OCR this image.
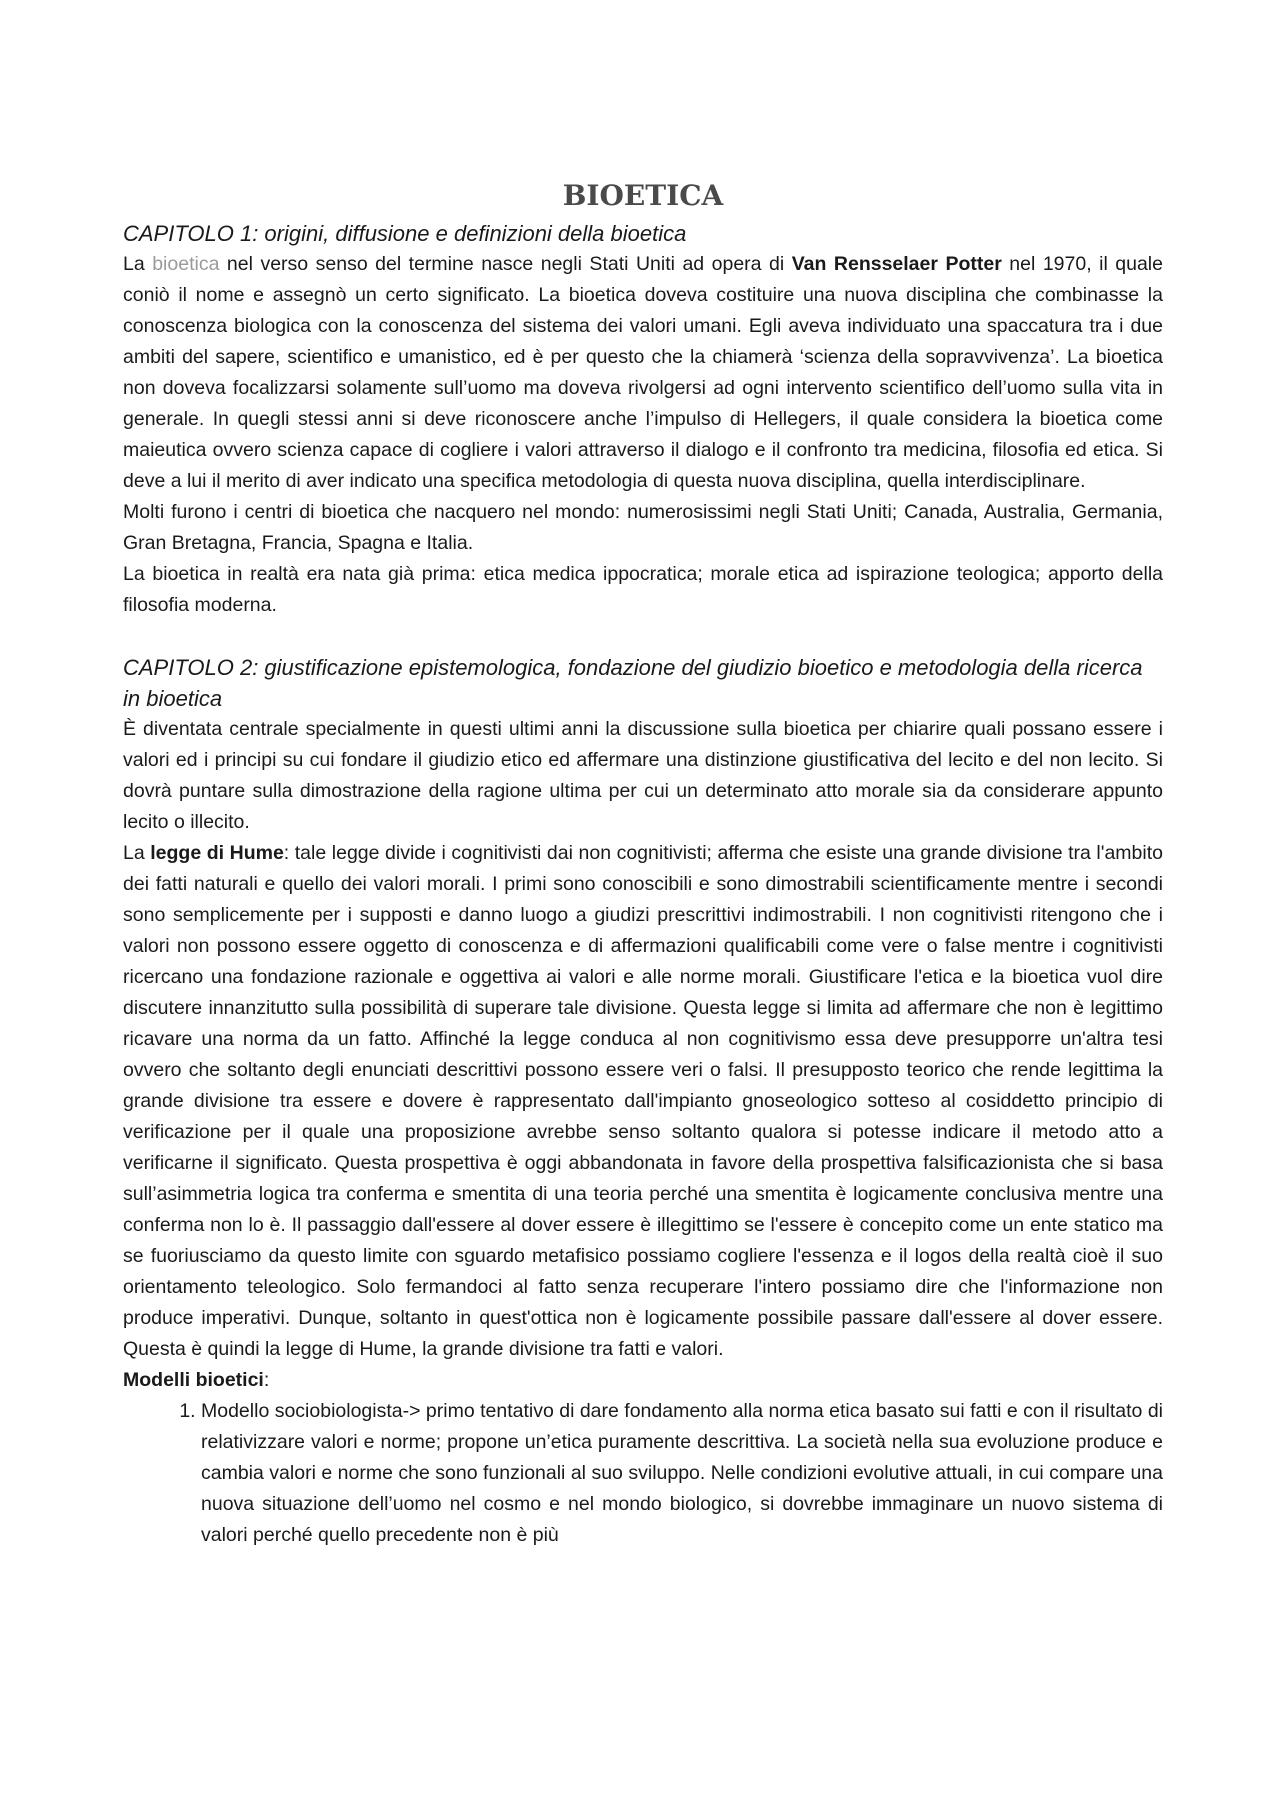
BIOETICA
CAPITOLO 1: origini, diffusione e definizioni della bioetica

La bioetica nel verso senso del termine nasce negli Stati Uniti ad opera di Van Rensselaer Potter nel 1970, il quale coniò il nome e assegnò un certo significato. La bioetica doveva costituire una nuova disciplina che combinasse la conoscenza biologica con la conoscenza del sistema dei valori umani. Egli aveva individuato una spaccatura tra i due ambiti del sapere, scientifico e umanistico, ed è per questo che la chiamerà ‘scienza della sopravvivenza’. La bioetica non doveva focalizzarsi solamente sull’uomo ma doveva rivolgersi ad ogni intervento scientifico dell’uomo sulla vita in generale. In quegli stessi anni si deve riconoscere anche l’impulso di Hellegers, il quale considera la bioetica come maieutica ovvero scienza capace di cogliere i valori attraverso il dialogo e il confronto tra medicina, filosofia ed etica. Si deve a lui il merito di aver indicato una specifica metodologia di questa nuova disciplina, quella interdisciplinare.

Molti furono i centri di bioetica che nacquero nel mondo: numerosissimi negli Stati Uniti; Canada, Australia, Germania, Gran Bretagna, Francia, Spagna e Italia.

La bioetica in realtà era nata già prima: etica medica ippocratica; morale etica ad ispirazione teologica; apporto della filosofia moderna.

CAPITOLO 2: giustificazione epistemologica, fondazione del giudizio bioetico e metodologia della ricerca in bioetica

È diventata centrale specialmente in questi ultimi anni la discussione sulla bioetica per chiarire quali possano essere i valori ed i principi su cui fondare il giudizio etico ed affermare una distinzione giustificativa del lecito e del non lecito. Si dovrà puntare sulla dimostrazione della ragione ultima per cui un determinato atto morale sia da considerare appunto lecito o illecito.

La legge di Hume: tale legge divide i cognitivisti dai non cognitivisti; afferma che esiste una grande divisione tra l'ambito dei fatti naturali e quello dei valori morali. I primi sono conoscibili e sono dimostrabili scientificamente mentre i secondi sono semplicemente per i supposti e danno luogo a giudizi prescrittivi indimostrabili. I non cognitivisti ritengono che i valori non possono essere oggetto di conoscenza e di affermazioni qualificabili come vere o false mentre i cognitivisti ricercano una fondazione razionale e oggettiva ai valori e alle norme morali. Giustificare l'etica e la bioetica vuol dire discutere innanzitutto sulla possibilità di superare tale divisione. Questa legge si limita ad affermare che non è legittimo ricavare una norma da un fatto. Affinché la legge conduca al non cognitivismo essa deve presupporre un'altra tesi ovvero che soltanto degli enunciati descrittivi possono essere veri o falsi. Il presupposto teorico che rende legittima la grande divisione tra essere e dovere è rappresentato dall'impianto gnoseologico sotteso al cosiddetto principio di verificazione per il quale una proposizione avrebbe senso soltanto qualora si potesse indicare il metodo atto a verificarne il significato. Questa prospettiva è oggi abbandonata in favore della prospettiva falsificazionista che si basa sull’asimmetria logica tra conferma e smentita di una teoria perché una smentita è logicamente conclusiva mentre una conferma non lo è. Il passaggio dall'essere al dover essere è illegittimo se l'essere è concepito come un ente statico ma se fuoriusciamo da questo limite con sguardo metafisico possiamo cogliere l'essenza e il logos della realtà cioè il suo orientamento teleologico. Solo fermandoci al fatto senza recuperare l'intero possiamo dire che l'informazione non produce imperativi. Dunque, soltanto in quest'ottica non è logicamente possibile passare dall'essere al dover essere. Questa è quindi la legge di Hume, la grande divisione tra fatti e valori.

Modelli bioetici:

1. Modello sociobiologista-> primo tentativo di dare fondamento alla norma etica basato sui fatti e con il risultato di relativizzare valori e norme; propone un’etica puramente descrittiva. La società nella sua evoluzione produce e cambia valori e norme che sono funzionali al suo sviluppo. Nelle condizioni evolutive attuali, in cui compare una nuova situazione dell’uomo nel cosmo e nel mondo biologico, si dovrebbe immaginare un nuovo sistema di valori perché quello precedente non è più
